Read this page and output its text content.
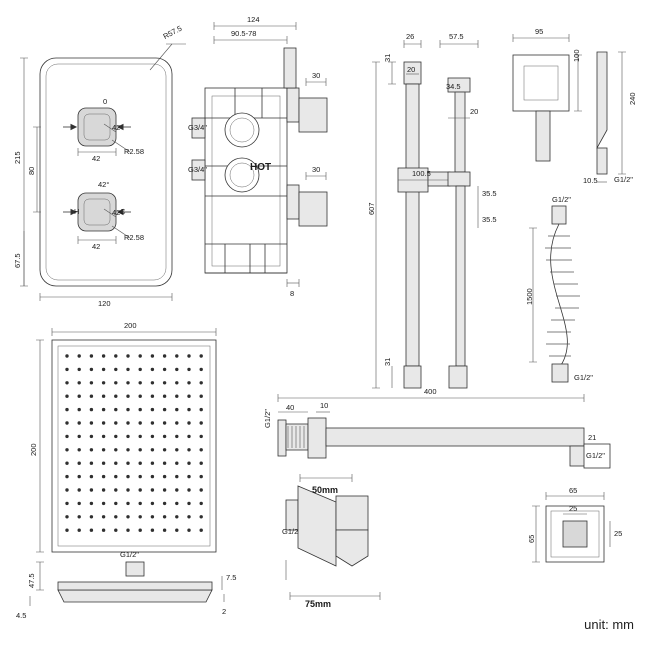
215
80
67.5
120
R57.5
0
42°
H	C
42
42
42
42
R2.58
R2.58
124
90.5-78
30
30
8
G3/4"
G3/4"	HOT
26
20
31
607
31
100.5
57.5
34.5
20
35.5
35.5
95
100
240
10.5 G1/2"
G1/2"
1500
G1/2"
200
200
G1/2"
47.5	7.5
4.5	2
400
40	10
G1/2"
G1/2"
21
G1/2
50mm
75mm
65
65
25
25
unit: mm
